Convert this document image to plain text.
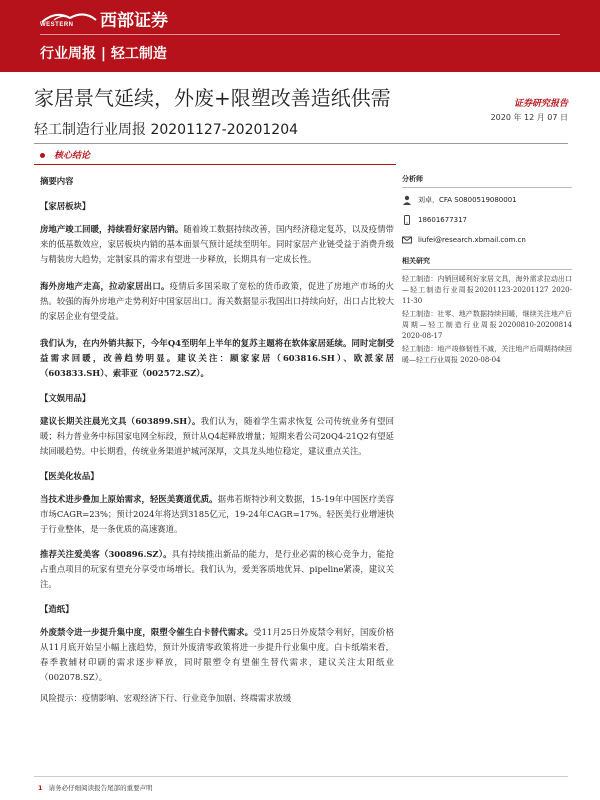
WESTERN 西部证券
行业周报 | 轻工制造
家居景气延续，外废+限塑改善造纸供需	证券研究报告
2020 年 12 月 07 日
轻工制造行业周报 20201127-20201204
核心结论

摘要内容

【家居板块】

房地产竣工回暖，持续看好家居内销。随着竣工数据持续改善，国内经济稳定复苏，以及疫情带来的低基数效应，家居板块内销的基本面景气预计延续至明年。同时家居产业链受益于消费升级与精装房大趋势，定制家具的需求有望进一步释放，长期具有一定成长性。

海外房地产走高，拉动家居出口。疫情后多国采取了宽松的货币政策，促进了房地产市场的火热。较强的海外房地产走势利好中国家居出口。海关数据显示我国出口持续向好，出口占比较大的家居企业有望受益。

我们认为，在内外销共振下，今年Q4至明年上半年的复苏主题将在软体家居延续。同时定制受益需求回暖，改善趋势明显。建议关注：顾家家居（603816.SH）、欧派家居（603833.SH）、索菲亚（002572.SZ）。

【文娱用品】

建议长期关注晨光文具（603899.SH）。我们认为，随着学生需求恢复 公司传统业务有望回暖；科力普业务中标国家电网全标段，预计从Q4起释放增量；短期来看公司20Q4-21Q2有望延续回暖趋势。中长期看，传统业务渠道护城河深厚，文具龙头地位稳定，建议重点关注。

【医美化妆品】

当技术进步叠加上原始需求，轻医美赛道优质。据弗若斯特沙利文数据，15-19年中国医疗美容市场CAGR=23%；预计2024年将达到3185亿元，19-24年CAGR=17%。轻医美行业增速快于行业整体，是一条优质的高速赛道。

推荐关注爱美客（300896.SZ）。具有持续推出新品的能力，是行业必需的核心竞争力，能抢占重点项目的玩家有望充分享受市场增长。我们认为，爱美客质地优异、pipeline紧凑，建议关注。

【造纸】

外废禁令进一步提升集中度，限塑令催生白卡替代需求。受11月25日外废禁令利好，国废价格从11月底开始呈小幅上涨趋势，预计外废清零政策将进一步提升行业集中度。白卡纸端来看，春季教辅材印刷的需求逐步释放，同时限塑令有望催生替代需求，建议关注太阳纸业（002078.SZ）。

风险提示：疫情影响、宏观经济下行、行业竞争加剧、终端需求放缓

分析师
刘卓，CFA S0800519080001
18601677317
liufei@research.xbmail.com.cn
相关研究
轻工制造：内销回暖利好家居文具，海外需求拉动出口—轻工制造行业周报20201123-20201127 2020-11-30
轻工制造：社零、地产数据持续回暖，继续关注地产后周期—轻工制造行业周报20200810-20200814 2020-08-17
轻工制造：地产竣修韧性不减，关注地产后周期持续回暖—轻工行业周报 2020-08-04
1 请务必仔细阅读报告尾部的重要声明
